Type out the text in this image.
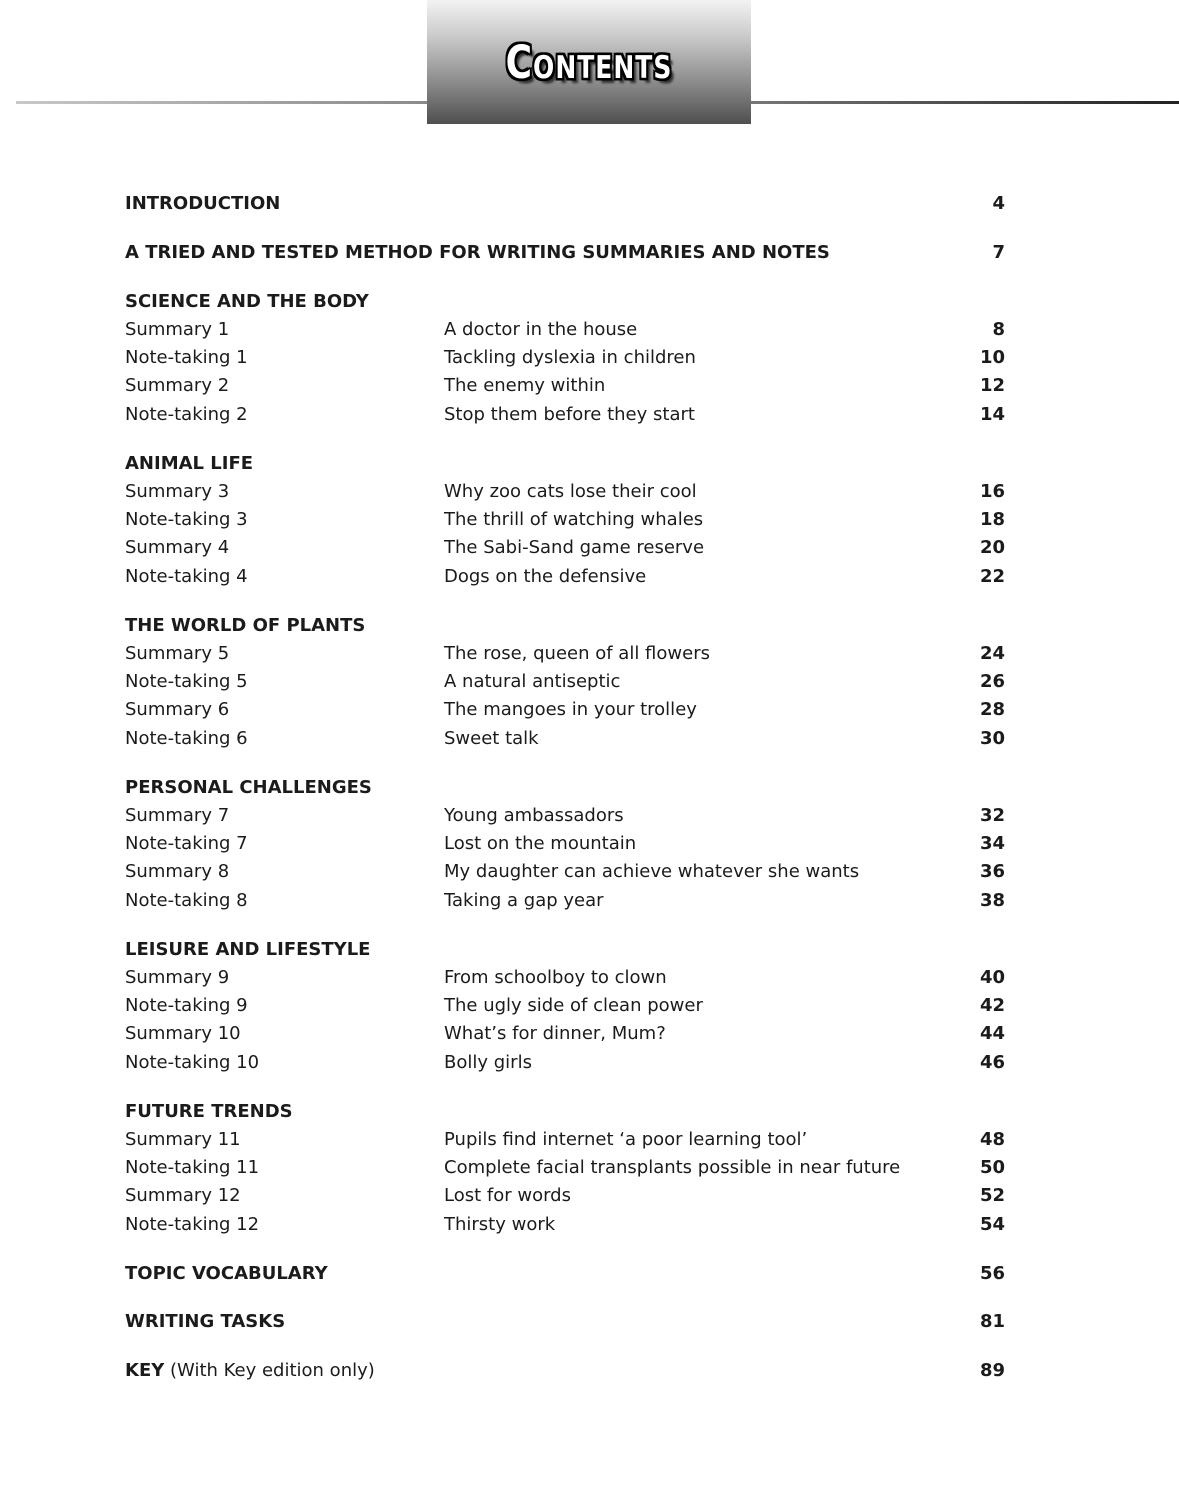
Contents
INTRODUCTION	4
A TRIED AND TESTED METHOD FOR WRITING SUMMARIES AND NOTES	7
SCIENCE AND THE BODY
Summary 1	A doctor in the house	8
Note-taking 1	Tackling dyslexia in children	10
Summary 2	The enemy within	12
Note-taking 2	Stop them before they start	14
ANIMAL LIFE
Summary 3	Why zoo cats lose their cool	16
Note-taking 3	The thrill of watching whales	18
Summary 4	The Sabi-Sand game reserve	20
Note-taking 4	Dogs on the defensive	22
THE WORLD OF PLANTS
Summary 5	The rose, queen of all flowers	24
Note-taking 5	A natural antiseptic	26
Summary 6	The mangoes in your trolley	28
Note-taking 6	Sweet talk	30
PERSONAL CHALLENGES
Summary 7	Young ambassadors	32
Note-taking 7	Lost on the mountain	34
Summary 8	My daughter can achieve whatever she wants	36
Note-taking 8	Taking a gap year	38
LEISURE AND LIFESTYLE
Summary 9	From schoolboy to clown	40
Note-taking 9	The ugly side of clean power	42
Summary 10	What’s for dinner, Mum?	44
Note-taking 10	Bolly girls	46
FUTURE TRENDS
Summary 11	Pupils find internet ‘a poor learning tool’	48
Note-taking 11	Complete facial transplants possible in near future	50
Summary 12	Lost for words	52
Note-taking 12	Thirsty work	54
TOPIC VOCABULARY	56
WRITING TASKS	81
KEY (With Key edition only)	89
